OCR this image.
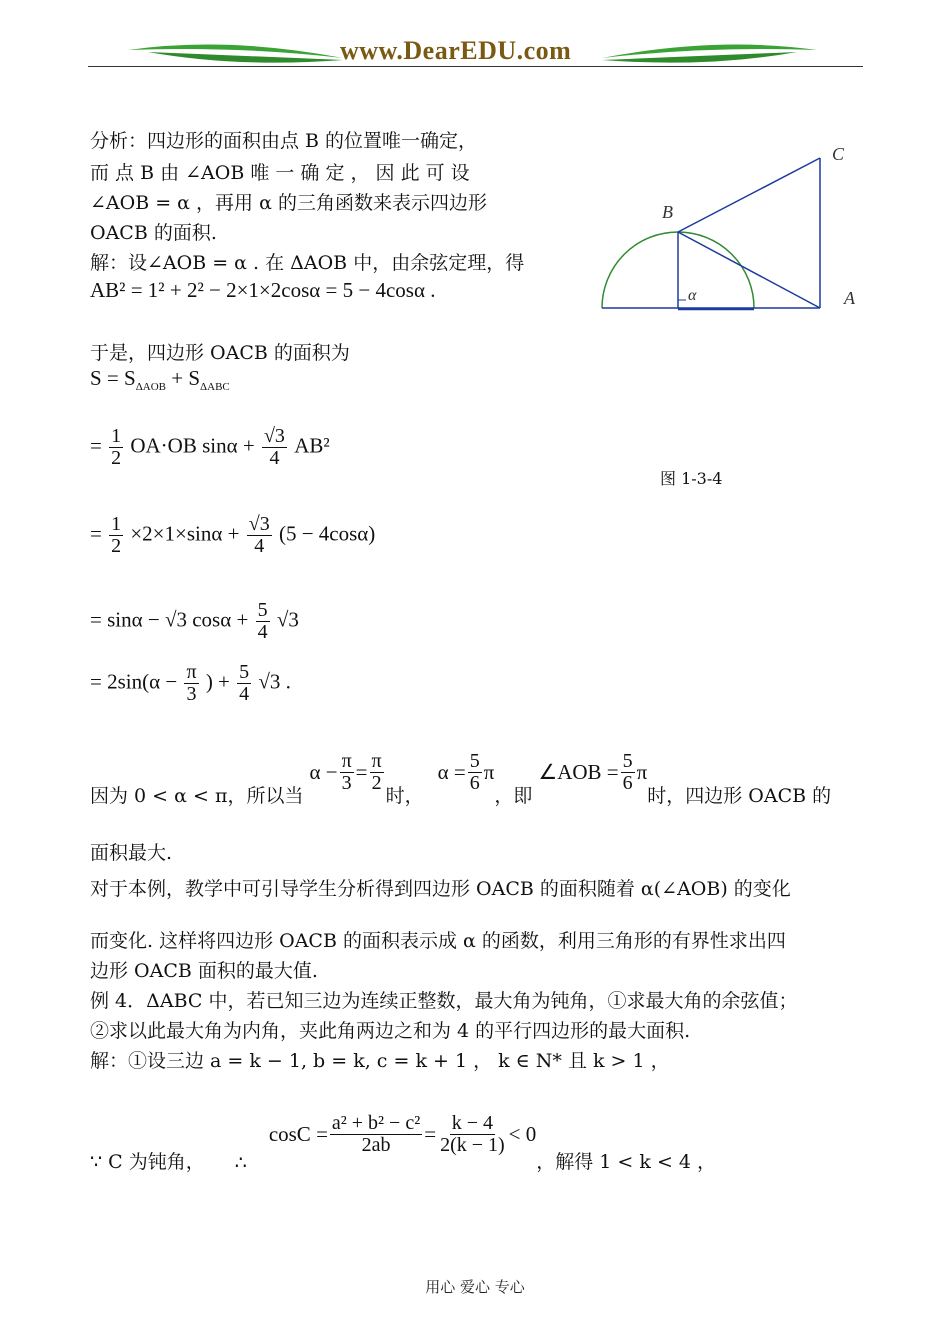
www.DearEDU.com
分析：四边形的面积由点 B 的位置唯一确定，
而 点 B 由 ∠AOB 唯 一 确 定 ， 因 此 可 设
∠AOB = α ，再用 α 的三角函数来表示四边形
OACB 的面积.
解：设∠AOB = α . 在 ΔAOB 中，由余弦定理，得
AB² = 1² + 2² − 2×1×2cosα = 5 − 4cosα .
于是，四边形 OACB 的面积为
$S = S_{\Delta AOB} + S_{\Delta ABC}$
= $\frac{1}{2} OA\cdot OB$ $\sin\alpha + \frac{√3}{4} AB^2$
= $\frac{1}{2} \times 2\times 1\times\sin\alpha + \frac{√3}{4} (5 - 4\cos\alpha)$
= sinα − √3 $\cos\alpha + \frac{5}{4} √3$
= $2\sin(\alpha - \frac{\pi}{3}$ ) + $\frac{5}{4} √3$ .
C
B
A
α
图 1-3-4
因为 0 < α < π，所以当
$\alpha - \frac{\pi}{3} = \frac{\pi}{2}$
时，
$\alpha = \frac{5}{6}$ π
，即
∠AOB = $\frac{5}{6}$ π
时，四边形 OACB 的
面积最大.
对于本例，教学中可引导学生分析得到四边形 OACB 的面积随着 α(∠AOB) 的变化
而变化. 这样将四边形 OACB 的面积表示成 α 的函数，利用三角形的有界性求出四
边形 OACB 面积的最大值.
例 4．ΔABC 中，若已知三边为连续正整数，最大角为钝角，①求最大角的余弦值；
②求以此最大角为内角，夹此角两边之和为 4 的平行四边形的最大面积.
解：①设三边 a = k − 1, b = k, c = k + 1 ， k ∈ N* 且 k > 1 ，
∵ C 为钝角， ∴
$\cos C = \frac{\text{a² + b² − c²}}{2ab} = \frac{k - 4}{2(k - 1)} < 0$
，解得 1 < k < 4 ，
用心 爱心 专心
